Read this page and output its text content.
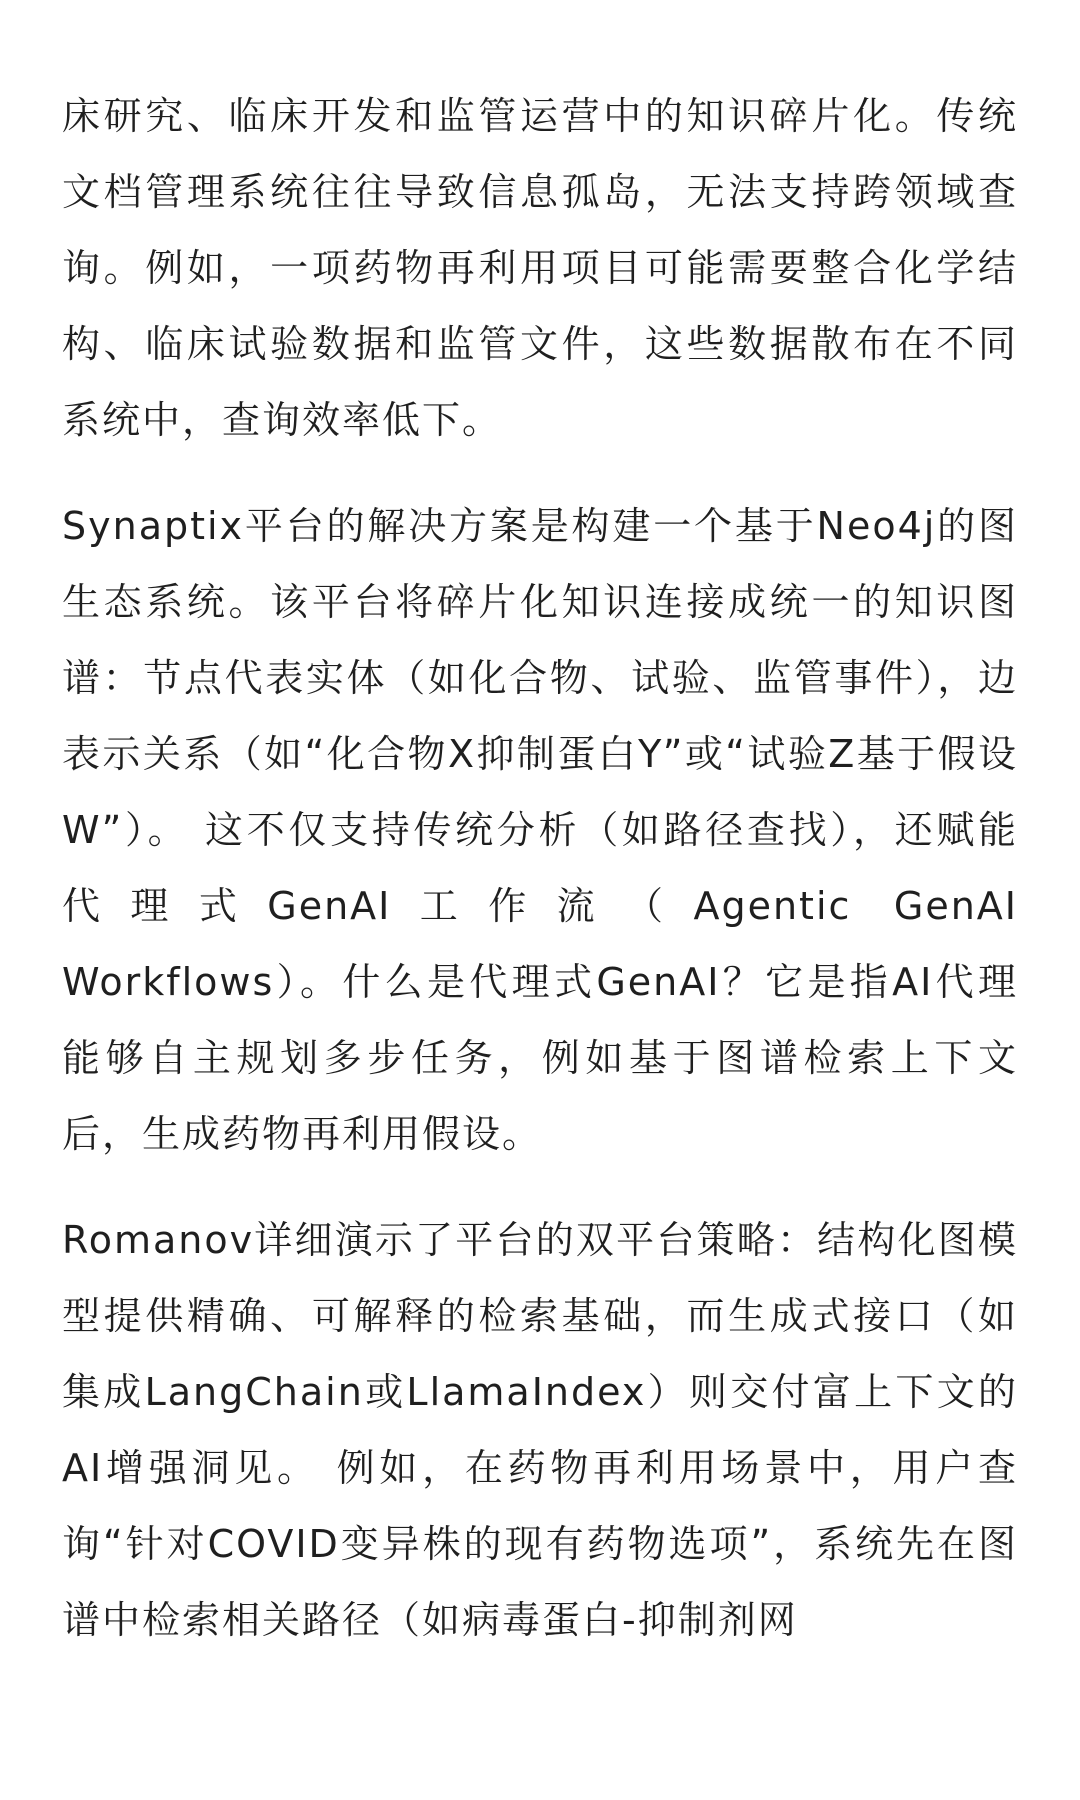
床研究、临床开发和监管运营中的知识碎片化。传统文档管理系统往往导致信息孤岛，无法支持跨领域查询。例如，一项药物再利用项目可能需要整合化学结构、临床试验数据和监管文件，这些数据散布在不同系统中，查询效率低下。

Synaptix平台的解决方案是构建一个基于Neo4j的图生态系统。该平台将碎片化知识连接成统一的知识图谱：节点代表实体（如化合物、试验、监管事件），边表示关系（如“化合物X抑制蛋白Y”或“试验Z基于假设W”）。 这不仅支持传统分析（如路径查找），还赋能代理式GenAI工作流（Agentic GenAI Workflows）。什么是代理式GenAI？它是指AI代理能够自主规划多步任务，例如基于图谱检索上下文后，生成药物再利用假设。

Romanov详细演示了平台的双平台策略：结构化图模型提供精确、可解释的检索基础，而生成式接口（如集成LangChain或LlamaIndex）则交付富上下文的AI增强洞见。 例如，在药物再利用场景中，用户查询“针对COVID变异株的现有药物选项”，系统先在图谱中检索相关路径（如病毒蛋白-抑制剂网
